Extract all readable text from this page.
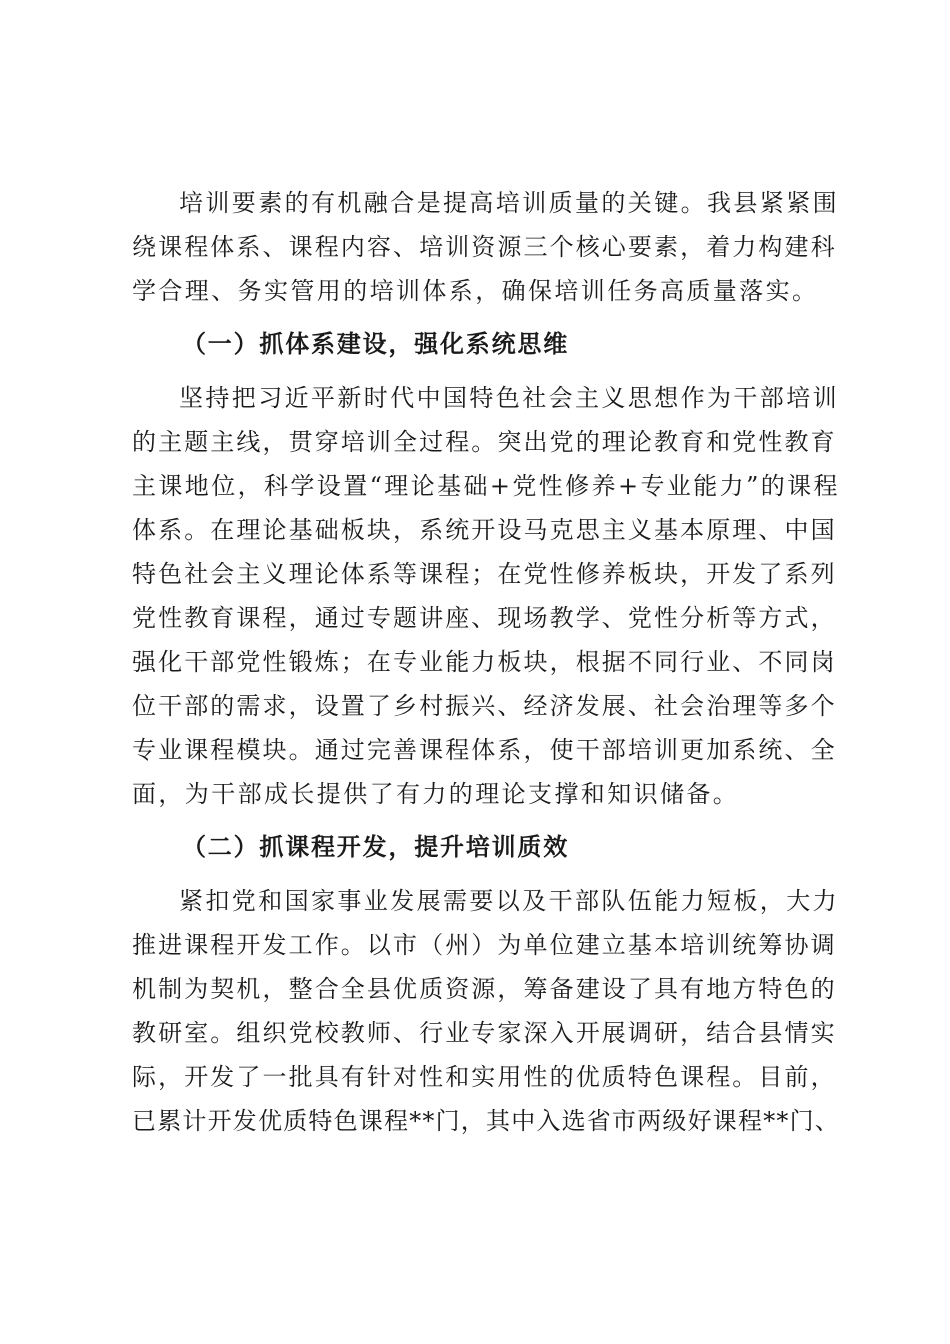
培训要素的有机融合是提高培训质量的关键。我县紧紧围
绕课程体系、课程内容、培训资源三个核心要素，着力构建科
学合理、务实管用的培训体系，确保培训任务高质量落实。
（一）抓体系建设，强化系统思维
坚持把习近平新时代中国特色社会主义思想作为干部培训
的主题主线，贯穿培训全过程。突出党的理论教育和党性教育
主课地位，科学设置“理论基础+党性修养+专业能力”的课程
体系。在理论基础板块，系统开设马克思主义基本原理、中国
特色社会主义理论体系等课程；在党性修养板块，开发了系列
党性教育课程，通过专题讲座、现场教学、党性分析等方式，
强化干部党性锻炼；在专业能力板块，根据不同行业、不同岗
位干部的需求，设置了乡村振兴、经济发展、社会治理等多个
专业课程模块。通过完善课程体系，使干部培训更加系统、全
面，为干部成长提供了有力的理论支撑和知识储备。
（二）抓课程开发，提升培训质效
紧扣党和国家事业发展需要以及干部队伍能力短板，大力
推进课程开发工作。以市（州）为单位建立基本培训统筹协调
机制为契机，整合全县优质资源，筹备建设了具有地方特色的
教研室。组织党校教师、行业专家深入开展调研，结合县情实
际，开发了一批具有针对性和实用性的优质特色课程。目前，
已累计开发优质特色课程**门，其中入选省市两级好课程**门、
